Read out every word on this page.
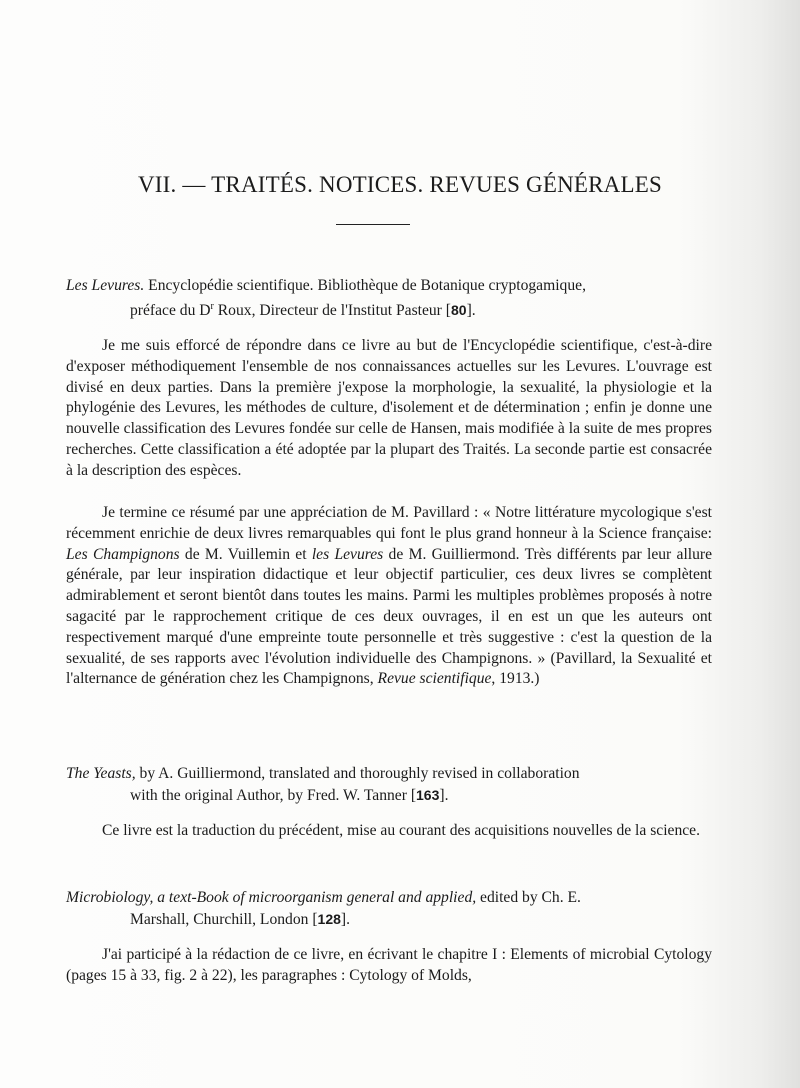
VII. — TRAITÉS. NOTICES. REVUES GÉNÉRALES

Les Levures. Encyclopédie scientifique. Bibliothèque de Botanique cryptogamique,
préface du $D^r$ Roux, Directeur de l'Institut Pasteur [80].

Je me suis efforcé de répondre dans ce livre au but de l'Encyclopédie scientifique, c'est-à-dire d'exposer méthodiquement l'ensemble de nos connaissances actuelles sur les Levures. L'ouvrage est divisé en deux parties. Dans la première j'expose la morphologie, la sexualité, la physiologie et la phylogénie des Levures, les méthodes de culture, d'isolement et de détermination ; enfin je donne une nouvelle classification des Levures fondée sur celle de Hansen, mais modifiée à la suite de mes propres recherches. Cette classification a été adoptée par la plupart des Traités. La seconde partie est consacrée à la description des espèces.

Je termine ce résumé par une appréciation de M. Pavillard : « Notre littérature mycologique s'est récemment enrichie de deux livres remarquables qui font le plus grand honneur à la Science française: Les Champignons de M. Vuillemin et les Levures de M. Guilliermond. Très différents par leur allure générale, par leur inspiration didactique et leur objectif particulier, ces deux livres se complètent admirablement et seront bientôt dans toutes les mains. Parmi les multiples problèmes proposés à notre sagacité par le rapprochement critique de ces deux ouvrages, il en est un que les auteurs ont respectivement marqué d'une empreinte toute personnelle et très suggestive : c'est la question de la sexualité, de ses rapports avec l'évolution individuelle des Champignons. » (Pavillard, la Sexualité et l'alternance de génération chez les Champignons, Revue scientifique, 1913.)

The Yeasts, by A. Guilliermond, translated and thoroughly revised in collaboration
with the original Author, by Fred. W. Tanner [163].

Ce livre est la traduction du précédent, mise au courant des acquisitions nouvelles de la science.

Microbiology, a text-Book of microorganism general and applied, edited by Ch. E.
Marshall, Churchill, London [128].

J'ai participé à la rédaction de ce livre, en écrivant le chapitre I : Elements of microbial Cytology (pages 15 à 33, fig. 2 à 22), les paragraphes : Cytology of Molds,
